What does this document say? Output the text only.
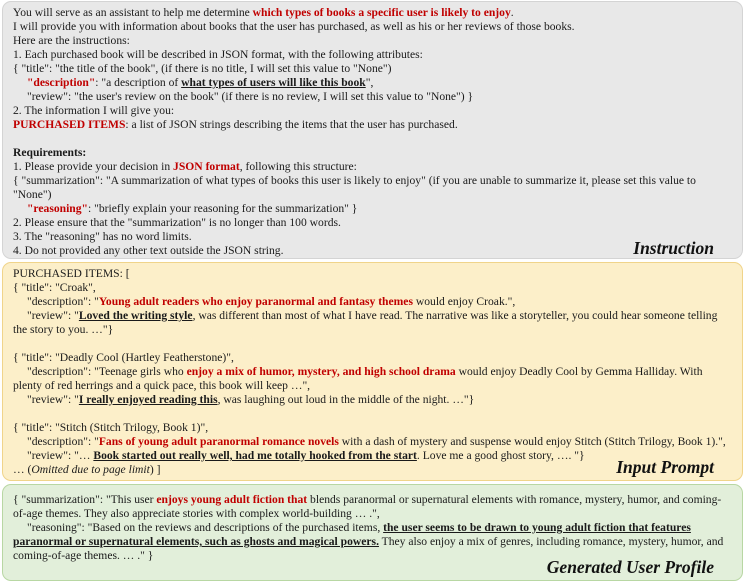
You will serve as an assistant to help me determine which types of books a specific user is likely to enjoy.
I will provide you with information about books that the user has purchased, as well as his or her reviews of those books.
Here are the instructions:
1. Each purchased book will be described in JSON format, with the following attributes:
{ "title": "the title of the book", (if there is no title, I will set this value to "None")
"description": "a description of what types of users will like this book",
"review": "the user's review on the book" (if there is no review, I will set this value to "None") }
2. The information I will give you:
PURCHASED ITEMS: a list of JSON strings describing the items that the user has purchased.
Requirements:
1. Please provide your decision in JSON format, following this structure:
{ "summarization": "A summarization of what types of books this user is likely to enjoy" (if you are unable to summarize it, please set this value to
"None")
"reasoning": "briefly explain your reasoning for the summarization" }
2. Please ensure that the "summarization" is no longer than 100 words.
3. The "reasoning" has no word limits.
4. Do not provided any other text outside the JSON string.	Instruction
PURCHASED ITEMS: [
{ "title": "Croak",
"description": "Young adult readers who enjoy paranormal and fantasy themes would enjoy Croak.",
"review": "Loved the writing style, was different than most of what I have read. The narrative was like a storyteller, you could hear someone telling
the story to you. …"}
{ "title": "Deadly Cool (Hartley Featherstone)",
"description": "Teenage girls who enjoy a mix of humor, mystery, and high school drama would enjoy Deadly Cool by Gemma Halliday. With
plenty of red herrings and a quick pace, this book will keep …",
"review": "I really enjoyed reading this, was laughing out loud in the middle of the night. …"}
{ "title": "Stitch (Stitch Trilogy, Book 1)",
"description": "Fans of young adult paranormal romance novels with a dash of mystery and suspense would enjoy Stitch (Stitch Trilogy, Book 1).",
"review": "… Book started out really well, had me totally hooked from the start. Love me a good ghost story, …. "}
… (Omitted due to page limit) ]	Input Prompt
{ "summarization": "This user enjoys young adult fiction that blends paranormal or supernatural elements with romance, mystery, humor, and coming-
of-age themes. They also appreciate stories with complex world-building … .",
"reasoning": "Based on the reviews and descriptions of the purchased items, the user seems to be drawn to young adult fiction that features
paranormal or supernatural elements, such as ghosts and magical powers. They also enjoy a mix of genres, including romance, mystery, humor, and
coming-of-age themes. … ." }
Generated User Profile
